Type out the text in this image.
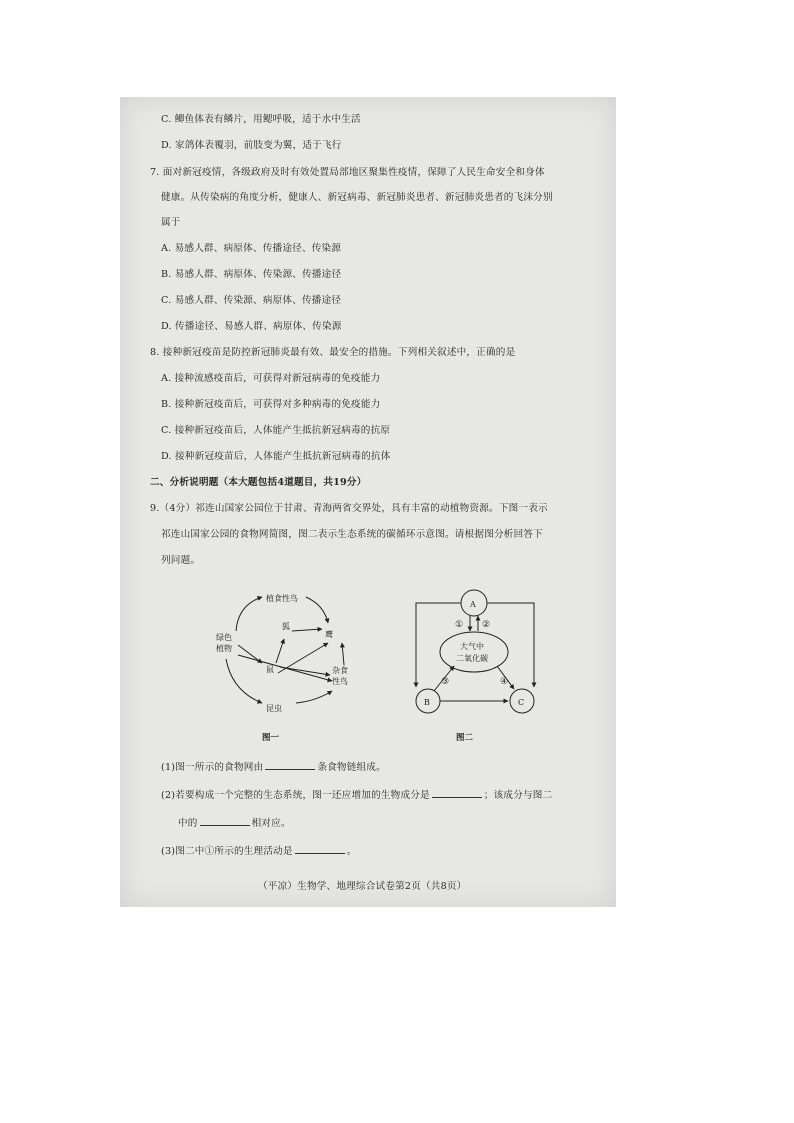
C. 鲫鱼体表有鳞片，用鳃呼吸，适于水中生活
D. 家鸽体表覆羽，前肢变为翼，适于飞行
7. 面对新冠疫情，各级政府及时有效处置局部地区聚集性疫情，保障了人民生命安全和身体
健康。从传染病的角度分析，健康人、新冠病毒、新冠肺炎患者、新冠肺炎患者的飞沫分别
属于
A. 易感人群、病原体、传播途径、传染源
B. 易感人群、病原体、传染源、传播途径
C. 易感人群、传染源、病原体、传播途径
D. 传播途径、易感人群、病原体、传染源
8. 接种新冠疫苗是防控新冠肺炎最有效、最安全的措施。下列相关叙述中，正确的是
A. 接种流感疫苗后，可获得对新冠病毒的免疫能力
B. 接种新冠疫苗后，可获得对多种病毒的免疫能力
C. 接种新冠疫苗后，人体能产生抵抗新冠病毒的抗原
D. 接种新冠疫苗后，人体能产生抵抗新冠病毒的抗体
二、分析说明题（本大题包括4道题目，共19分）
9.（4分）祁连山国家公园位于甘肃、青海两省交界处，具有丰富的动植物资源。下图一表示
祁连山国家公园的食物网简图，图二表示生态系统的碳循环示意图。请根据图分析回答下
列问题。
植食性鸟
绿色
植物
狐
鹰
鼠	杂食
性鸟
昆虫
图一
A
① ②
大气中
二氧化碳
③	④
B	C
图二
(1)图一所示的食物网由	条食物链组成。
(2)若要构成一个完整的生态系统，图一还应增加的生物成分是	；该成分与图二
中的	相对应。
(3)图二中①所示的生理活动是	。
（平凉）生物学、地理综合试卷第2页（共8页）
